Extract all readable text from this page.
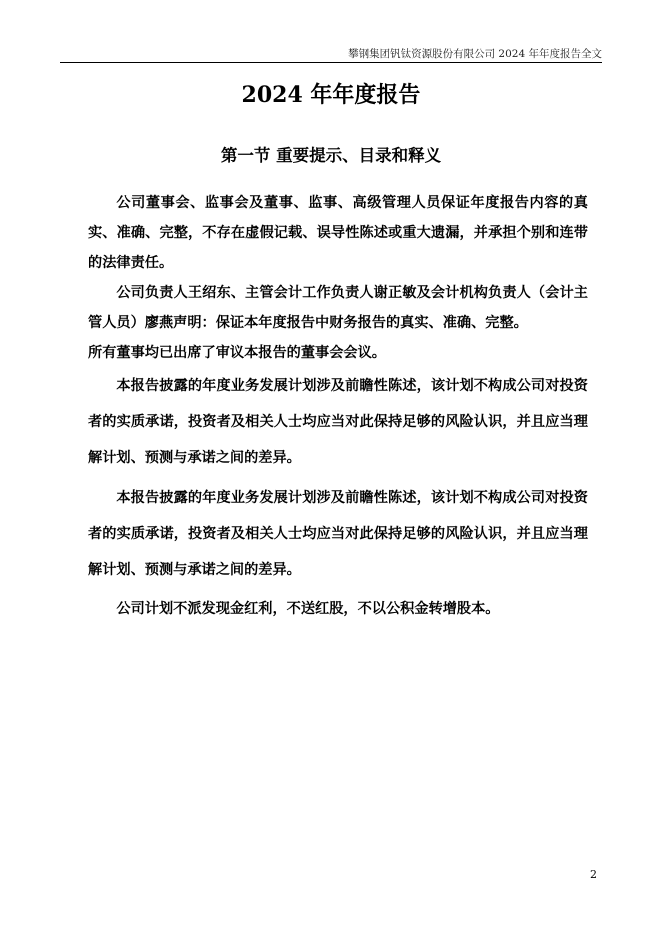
攀钢集团钒钛资源股份有限公司 2024 年年度报告全文
2024 年年度报告
第一节 重要提示、目录和释义

公司董事会、监事会及董事、监事、高级管理人员保证年度报告内容的真实、准确、完整，不存在虚假记载、误导性陈述或重大遗漏，并承担个别和连带的法律责任。

公司负责人王绍东、主管会计工作负责人谢正敏及会计机构负责人（会计主管人员）廖燕声明：保证本年度报告中财务报告的真实、准确、完整。

所有董事均已出席了审议本报告的董事会会议。

本报告披露的年度业务发展计划涉及前瞻性陈述，该计划不构成公司对投资者的实质承诺，投资者及相关人士均应当对此保持足够的风险认识，并且应当理解计划、预测与承诺之间的差异。

本报告披露的年度业务发展计划涉及前瞻性陈述，该计划不构成公司对投资者的实质承诺，投资者及相关人士均应当对此保持足够的风险认识，并且应当理解计划、预测与承诺之间的差异。

公司计划不派发现金红利，不送红股，不以公积金转增股本。

2
